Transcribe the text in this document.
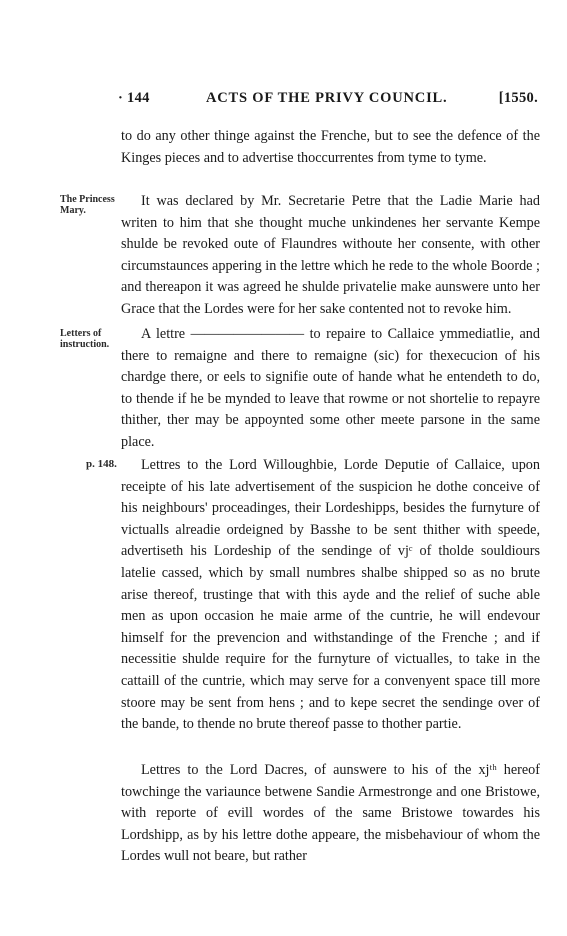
· 144	ACTS OF THE PRIVY COUNCIL.	[1550.

to do any other thinge against the Frenche, but to see the defence of the Kinges pieces and to advertise thoccurrentes from tyme to tyme.

The Princess Mary.

It was declared by Mr. Secretarie Petre that the Ladie Marie had writen to him that she thought muche unkindenes her servante Kempe shulde be revoked oute of Flaundres withoute her consente, with other circumstaunces appering in the lettre which he rede to the whole Boorde ; and thereapon it was agreed he shulde privatelie make aunswere unto her Grace that the Lordes were for her sake contented not to revoke him.

Letters of instruction.

A lettre ———————— to repaire to Callaice ymmediatlie, and there to remaigne and there to remaigne (sic) for thexecucion of his chardge there, or eels to signifie oute of hande what he entendeth to do, to thende if he be mynded to leave that rowme or not shortelie to repayre thither, ther may be appoynted some other meete parsone in the same place.

p. 148.	Lettres to the Lord Willoughbie, Lorde Deputie of Callaice, upon receipte of his late advertisement of the suspicion he dothe conceive of his neighbours' proceadinges, their Lordeshipps, besides the furnyture of victualls alreadie ordeigned by Basshe to be sent thither with speede, advertiseth his Lordeship of the sendinge of vjᶜ of tholde souldiours latelie cassed, which by small numbres shalbe shipped so as no brute arise thereof, trustinge that with this ayde and the relief of suche able men as upon occasion he maie arme of the cuntrie, he will endevour himself for the prevencion and withstandinge of the Frenche ; and if necessitie shulde require for the furnyture of victualles, to take in the cattaill of the cuntrie, which may serve for a convenyent space till more stoore may be sent from hens ; and to kepe secret the sendinge over of the bande, to thende no brute thereof passe to thother partie.

Lettres to the Lord Dacres, of aunswere to his of the xjᵗʰ hereof towchinge the variaunce betwene Sandie Armestronge and one Bristowe, with reporte of evill wordes of the same Bristowe towardes his Lordshipp, as by his lettre dothe appeare, the misbehaviour of whom the Lordes wull not beare, but rather
